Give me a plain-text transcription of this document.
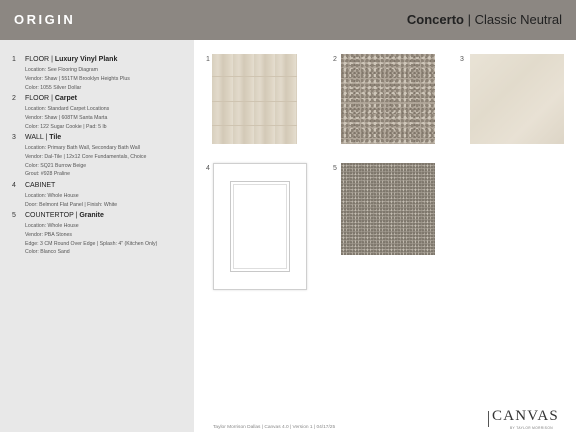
ORIGIN	Concerto | Classic Neutral
1 FLOOR | Luxury Vinyl Plank
Location: See Flooring Diagram
Vendor: Shaw | 551TM Brooklyn Heights Plus
Color: 1055 Silver Dollar
2 FLOOR | Carpet
Location: Standard Carpet Locations
Vendor: Shaw | 608TM Santa Marta
Color: 122 Sugar Cookie | Pad: 5 lb
3 WALL | Tile
Location: Primary Bath Wall, Secondary Bath Wall
Vendor: Dal-Tile | 12x12 Core Fundamentals, Choice
Color: SQ21 Burrow Beige
Grout: #928 Praline
4 CABINET
Location: Whole House
Door: Belmont Flat Panel | Finish: White
5 COUNTERTOP | Granite
Location: Whole House
Vendor: PBA Stones
Edge: 3 CM Round Over Edge | Splash: 4" (Kitchen Only)
Color: Blanco Sand
1	2	3
4	5
Taylor Morrison Dallas | Canvas 4.0 | Version 1 | 04/17/25
CANVAS
BY TAYLOR MORRISON
